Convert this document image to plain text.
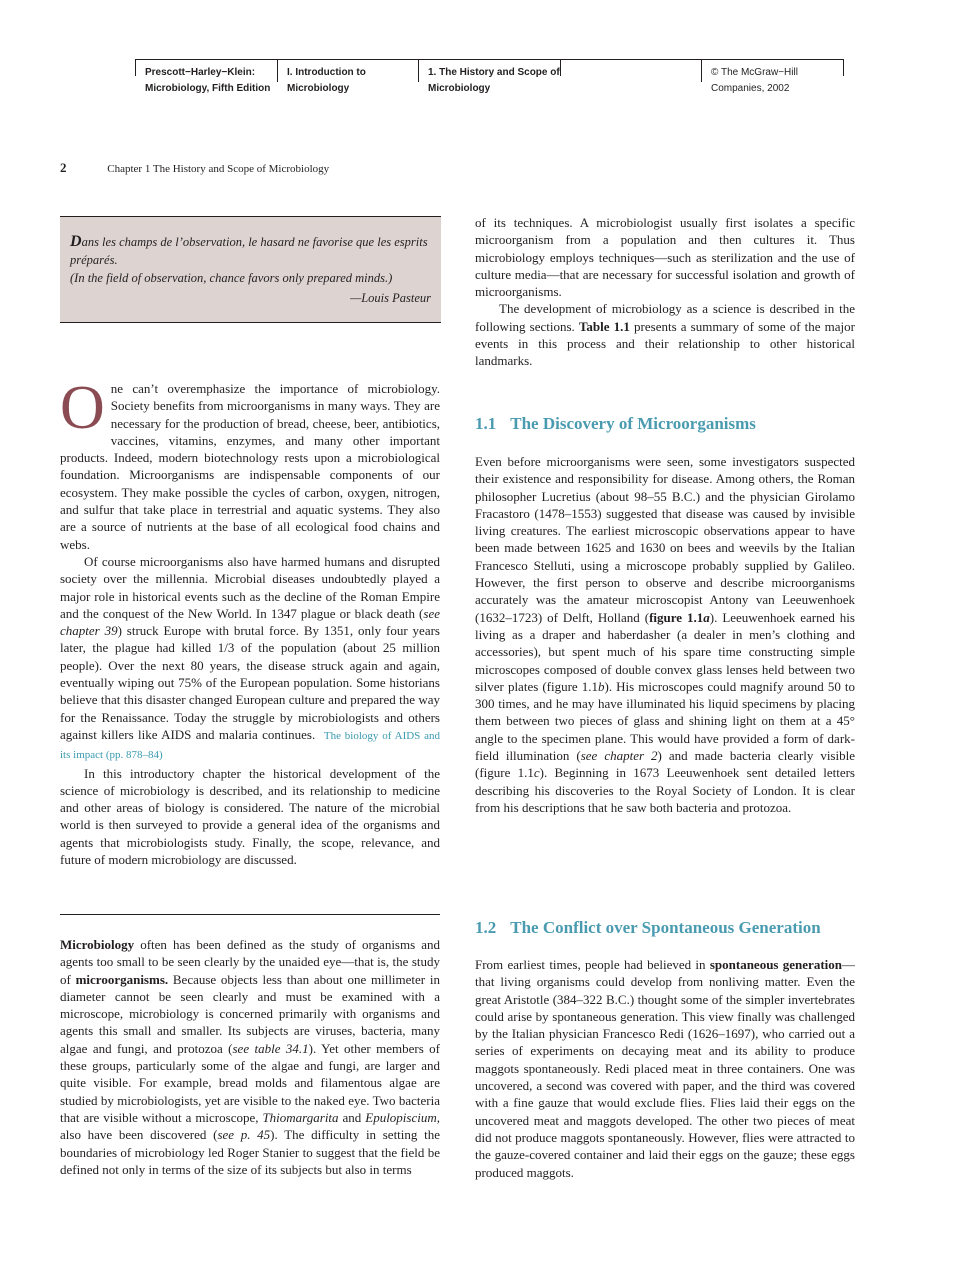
Prescott−Harley−Klein:
Microbiology, Fifth Edition
I. Introduction to
Microbiology
1. The History and Scope of
Microbiology
© The McGraw−Hill
Companies, 2002
2	Chapter 1 The History and Scope of Microbiology
Dans les champs de l’observation, le hasard ne favorise que les esprits préparés.
(In the field of observation, chance favors only prepared minds.)
—Louis Pasteur

One can’t overemphasize the importance of microbiology. Society benefits from microorganisms in many ways. They are necessary for the production of bread, cheese, beer, antibiotics, vaccines, vitamins, enzymes, and many other important products. Indeed, modern biotechnology rests upon a microbiological foundation. Microorganisms are indispensable components of our ecosystem. They make possible the cycles of carbon, oxygen, nitrogen, and sulfur that take place in terrestrial and aquatic systems. They also are a source of nutrients at the base of all ecological food chains and webs.

Of course microorganisms also have harmed humans and disrupted society over the millennia. Microbial diseases undoubtedly played a major role in historical events such as the decline of the Roman Empire and the conquest of the New World. In 1347 plague or black death (see chapter 39) struck Europe with brutal force. By 1351, only four years later, the plague had killed 1/3 of the population (about 25 million people). Over the next 80 years, the disease struck again and again, eventually wiping out 75% of the European population. Some historians believe that this disaster changed European culture and prepared the way for the Renaissance. Today the struggle by microbiologists and others against killers like AIDS and malaria continues. The biology of AIDS and its impact (pp. 878–84)

In this introductory chapter the historical development of the science of microbiology is described, and its relationship to medicine and other areas of biology is considered. The nature of the microbial world is then surveyed to provide a general idea of the organisms and agents that microbiologists study. Finally, the scope, relevance, and future of modern microbiology are discussed.

Microbiology often has been defined as the study of organisms and agents too small to be seen clearly by the unaided eye—that is, the study of microorganisms. Because objects less than about one millimeter in diameter cannot be seen clearly and must be examined with a microscope, microbiology is concerned primarily with organisms and agents this small and smaller. Its subjects are viruses, bacteria, many algae and fungi, and protozoa (see table 34.1). Yet other members of these groups, particularly some of the algae and fungi, are larger and quite visible. For example, bread molds and filamentous algae are studied by microbiologists, yet are visible to the naked eye. Two bacteria that are visible without a microscope, Thiomargarita and Epulopiscium, also have been discovered (see p. 45). The difficulty in setting the boundaries of microbiology led Roger Stanier to suggest that the field be defined not only in terms of the size of its subjects but also in terms

of its techniques. A microbiologist usually first isolates a specific microorganism from a population and then cultures it. Thus microbiology employs techniques—such as sterilization and the use of culture media—that are necessary for successful isolation and growth of microorganisms.

The development of microbiology as a science is described in the following sections. Table 1.1 presents a summary of some of the major events in this process and their relationship to other historical landmarks.

1.1 The Discovery of Microorganisms

Even before microorganisms were seen, some investigators suspected their existence and responsibility for disease. Among others, the Roman philosopher Lucretius (about 98–55 B.C.) and the physician Girolamo Fracastoro (1478–1553) suggested that disease was caused by invisible living creatures. The earliest microscopic observations appear to have been made between 1625 and 1630 on bees and weevils by the Italian Francesco Stelluti, using a microscope probably supplied by Galileo. However, the first person to observe and describe microorganisms accurately was the amateur microscopist Antony van Leeuwenhoek (1632–1723) of Delft, Holland (figure 1.1a). Leeuwenhoek earned his living as a draper and haberdasher (a dealer in men’s clothing and accessories), but spent much of his spare time constructing simple microscopes composed of double convex glass lenses held between two silver plates (figure 1.1b). His microscopes could magnify around 50 to 300 times, and he may have illuminated his liquid specimens by placing them between two pieces of glass and shining light on them at a 45° angle to the specimen plane. This would have provided a form of dark-field illumination (see chapter 2) and made bacteria clearly visible (figure 1.1c). Beginning in 1673 Leeuwenhoek sent detailed letters describing his discoveries to the Royal Society of London. It is clear from his descriptions that he saw both bacteria and protozoa.

1.2 The Conflict over Spontaneous Generation

From earliest times, people had believed in spontaneous generation—that living organisms could develop from nonliving matter. Even the great Aristotle (384–322 B.C.) thought some of the simpler invertebrates could arise by spontaneous generation. This view finally was challenged by the Italian physician Francesco Redi (1626–1697), who carried out a series of experiments on decaying meat and its ability to produce maggots spontaneously. Redi placed meat in three containers. One was uncovered, a second was covered with paper, and the third was covered with a fine gauze that would exclude flies. Flies laid their eggs on the uncovered meat and maggots developed. The other two pieces of meat did not produce maggots spontaneously. However, flies were attracted to the gauze-covered container and laid their eggs on the gauze; these eggs produced maggots.
